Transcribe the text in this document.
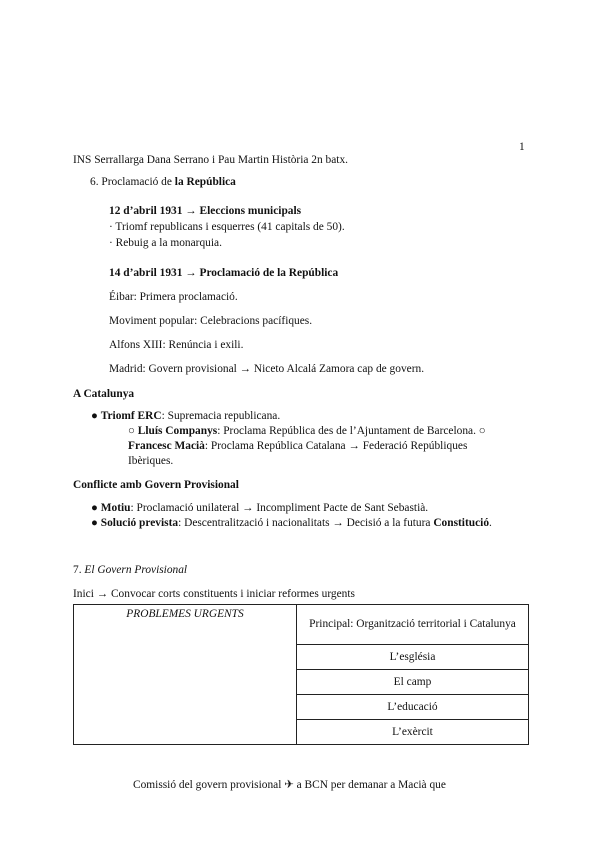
1
INS Serrallarga Dana Serrano i Pau Martin Història 2n batx.
6. Proclamació de la República
12 d’abril 1931 → Eleccions municipals
· Triomf republicans i esquerres (41 capitals de 50).
· Rebuig a la monarquia.
14 d’abril 1931 → Proclamació de la República
Éibar: Primera proclamació.
Moviment popular: Celebracions pacífiques.
Alfons XIII: Renúncia i exili.
Madrid: Govern provisional → Niceto Alcalá Zamora cap de govern.
A Catalunya
● Triomf ERC: Supremacia republicana.
○ Lluís Companys: Proclama República des de l’Ajuntament de Barcelona. ○
Francesc Macià: Proclama República Catalana → Federació Repúbliques
Ibèriques.
Conflicte amb Govern Provisional
● Motiu: Proclamació unilateral → Incompliment Pacte de Sant Sebastià.
● Solució prevista: Descentralització i nacionalitats → Decisió a la futura Constitució.
7. El Govern Provisional
Inici → Convocar corts constituents i iniciar reformes urgents
PROBLEMES URGENTS	Principal: Organització territorial i Catalunya
L’església
El camp
L’educació
L’exèrcit
Comissió del govern provisional ✈ a BCN per demanar a Macià que
